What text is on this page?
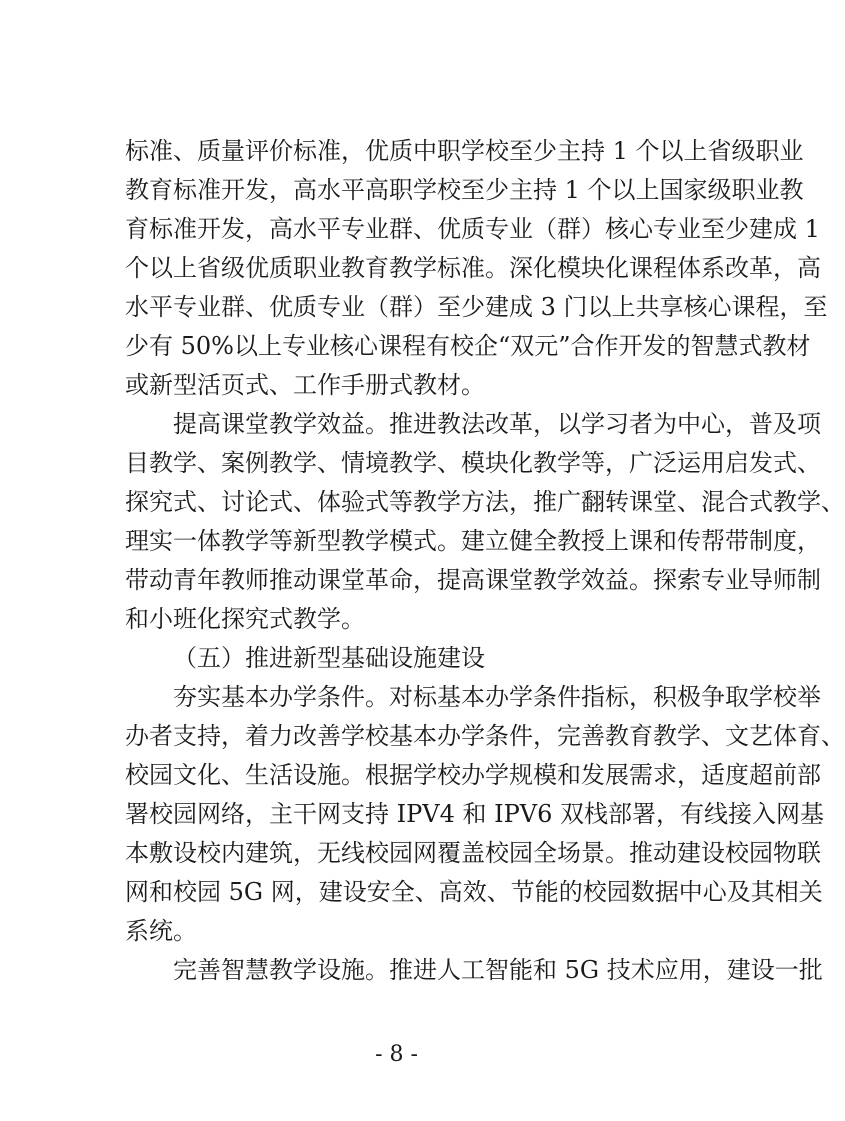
标准、质量评价标准，优质中职学校至少主持 1 个以上省级职业
教育标准开发，高水平高职学校至少主持 1 个以上国家级职业教
育标准开发，高水平专业群、优质专业（群）核心专业至少建成 1
个以上省级优质职业教育教学标准。深化模块化课程体系改革，高
水平专业群、优质专业（群）至少建成 3 门以上共享核心课程，至
少有 50%以上专业核心课程有校企“双元”合作开发的智慧式教材
或新型活页式、工作手册式教材。
提高课堂教学效益。推进教法改革，以学习者为中心，普及项
目教学、案例教学、情境教学、模块化教学等，广泛运用启发式、
探究式、讨论式、体验式等教学方法，推广翻转课堂、混合式教学、
理实一体教学等新型教学模式。建立健全教授上课和传帮带制度，
带动青年教师推动课堂革命，提高课堂教学效益。探索专业导师制
和小班化探究式教学。
（五）推进新型基础设施建设
夯实基本办学条件。对标基本办学条件指标，积极争取学校举
办者支持，着力改善学校基本办学条件，完善教育教学、文艺体育、
校园文化、生活设施。根据学校办学规模和发展需求，适度超前部
署校园网络，主干网支持 IPV4 和 IPV6 双栈部署，有线接入网基
本敷设校内建筑，无线校园网覆盖校园全场景。推动建设校园物联
网和校园 5G 网，建设安全、高效、节能的校园数据中心及其相关
系统。
完善智慧教学设施。推进人工智能和 5G 技术应用，建设一批
- 8 -
